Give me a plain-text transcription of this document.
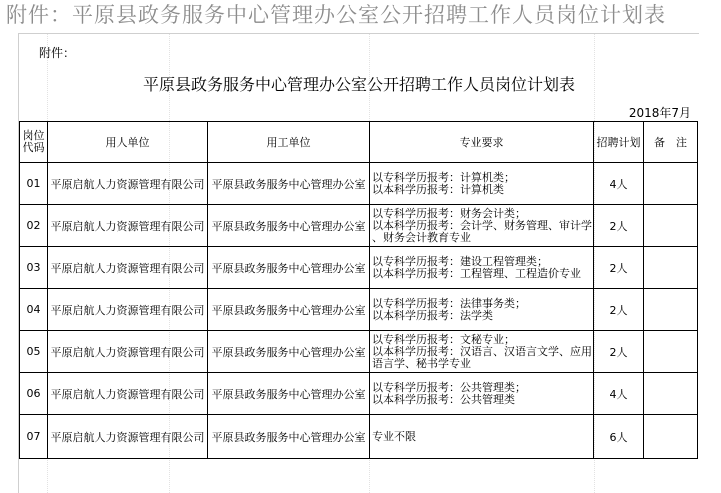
附件：平原县政务服务中心管理办公室公开招聘工作人员岗位计划表
附件：
平原县政务服务中心管理办公室公开招聘工作人员岗位计划表
2018年7月
岗位代码	用人单位	用工单位	专业要求	招聘计划	备　注
01	平原启航人力资源管理有限公司	平原县政务服务中心管理办公室	以专科学历报考：计算机类；
以本科学历报考：计算机类	4人	
02	平原启航人力资源管理有限公司	平原县政务服务中心管理办公室	以专科学历报考：财务会计类；
以本科学历报考：会计学、财务管理、审计学
、财务会计教育专业	2人	
03	平原启航人力资源管理有限公司	平原县政务服务中心管理办公室	以专科学历报考：建设工程管理类；
以本科学历报考：工程管理、工程造价专业	2人	
04	平原启航人力资源管理有限公司	平原县政务服务中心管理办公室	以专科学历报考：法律事务类；
以本科学历报考：法学类	2人	
05	平原启航人力资源管理有限公司	平原县政务服务中心管理办公室	以专科学历报考：文秘专业；
以本科学历报考：汉语言、汉语言文学、应用
语言学、秘书学专业	2人	
06	平原启航人力资源管理有限公司	平原县政务服务中心管理办公室	以专科学历报考：公共管理类；
以本科学历报考：公共管理类	4人	
07	平原启航人力资源管理有限公司	平原县政务服务中心管理办公室	专业不限	6人	
